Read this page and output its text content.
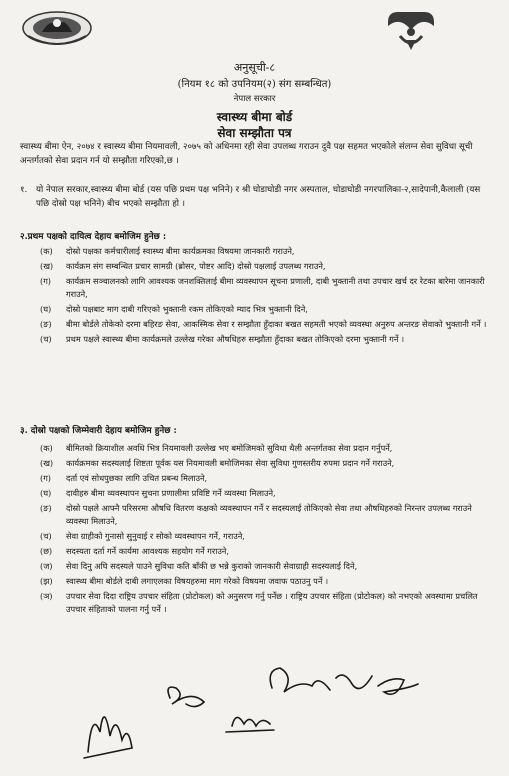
अनुसूची-८
(नियम १८ को उपनियम(२) संग सम्बन्धित)
नेपाल सरकार
स्वास्थ्य बीमा बोर्ड
सेवा सम्झौता पत्र
स्वास्थ्य बीमा ऐन, २०७४ र स्वास्थ्य बीमा नियमावली, २०७५ को अधिनमा रही सेवा उपलब्ध गराउन दुवै पक्ष सहमत भएकोले संलग्न सेवा सुविधा सूची अन्तर्गतको सेवा प्रदान गर्न यो सम्झौता गरिएको,छ ।
१.	यो नेपाल सरकार,स्वास्थ्य बीमा बोर्ड (यस पछि प्रथम पक्ष भनिने) र श्री घोडाघोडी नगर अस्पताल, घोडाघोडी नगरपालिका-२,सादेपानी,कैलाली (यस पछि दोस्रो पक्ष भनिने) बीच भएको सम्झौता हो ।
२.प्रथम पक्षको दायित्व देहाय बमोजिम हुनेछ :
(क)	दोस्रो पक्षका कर्मचारीलाई स्वास्थ्य बीमा कार्यक्रमका विषयमा जानकारी गराउने,
(ख)	कार्यक्रम संग सम्बन्धित प्रचार सामग्री (ब्रोसर, पोष्टर आदि) दोस्रो पक्षलाई उपलब्ध गराउने,
(ग)	कार्यक्रम सञ्चालनको लागि आवश्यक जनशक्तिलाई बीमा व्यवस्थापन सूचना प्रणाली, दाबी भुक्तानी तथा उपचार खर्च दर रेटका बारेमा जानकारी गराउने,
(घ)	दोस्रो पक्षबाट माग दाबी गरिएको भुक्तानी रकम तोकिएको म्याद भित्र भुक्तानी दिने,
(ङ)	बीमा बोर्डले तोकेको दरमा बहिरङ सेवा, आकस्मिक सेवा र सम्झौता हुँदाका बखत सहमती भएको व्यवस्था अनुरुप अन्तरङ सेवाको भुक्तानी गर्ने ।
(च)	प्रथम पक्षले स्वास्थ्य बीमा कार्यक्रमले उल्लेख गरेका औषधिहरु सम्झौता हुँदाका बखत तोकिएको दरमा भुक्तानी गर्ने ।
३. दोस्रो पक्षको जिम्मेवारी देहाय बमोजिम हुनेछ :
(क)	बीमितको क्रियाशील अवधि भित्र नियमावली उल्लेख भए बमोजिमको सुविधा थैली अन्तर्गतका सेवा प्रदान गर्नुपर्ने,
(ख)	कार्यक्रमका सदस्यलाई शिष्टता पूर्वक यस नियमावली बमोजिमका सेवा सुविधा गुणस्तरीय रुपमा प्रदान गर्ने गराउने,
(ग)	दर्ता एवं सोधपुछका लागि उचित प्रबन्ध मिलाउने,
(घ)	दावीहरु बीमा व्यवस्थापन सुचना प्रणालीमा प्रविष्टि गर्ने व्यवस्था मिलाउने,
(ङ)	दोस्रो पक्षले आफ्नै परिसरमा औषधि वितरण कक्षको व्यवस्थापन गर्ने र सदस्यलाई तोकिएको सेवा तथा औषधिहरुको निरन्तर उपलब्ध गराउने व्यवस्था मिलाउने,
(च)	सेवा ग्राहीको गुनासो सुनुवाई र सोको व्यवस्थापन गर्ने, गराउने,
(छ)	सदस्यता दर्ता गर्ने कार्यमा आवश्यक सहयोग गर्ने गराउने,
(ज)	सेवा दिनु अघि सदस्यले पाउने सुविधा कति बाँकी छ भन्ने कुराको जानकारी सेवाग्राही सदस्यलाई दिने,
(झ)	स्वास्थ्य बीमा बोर्डले दाबी लगाएलका विषयहरुमा माग गरेको विषयमा जवाफ पठाउनु पर्ने ।
(ञ)	उपचार सेवा दिदा राष्ट्रिय उपचार संहिता (प्रोटोकल) को अनुसरण गर्नु पर्नेछ । राष्ट्रिय उपचार संहिता (प्रोटोकल) को नभएको अवस्थामा प्रचलित उपचार संहिताको पालना गर्नु पर्ने ।
